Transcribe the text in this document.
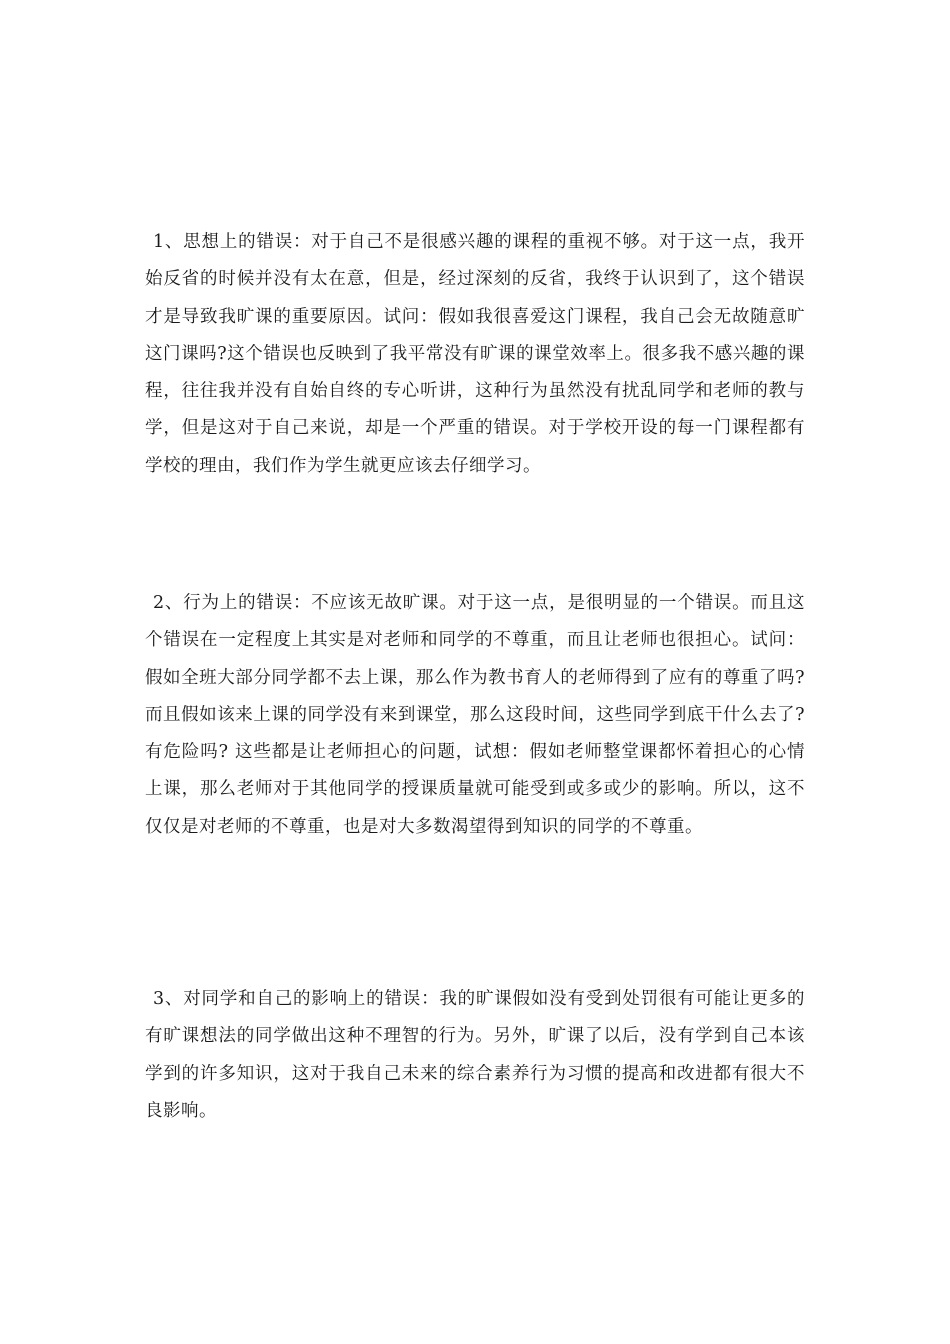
1、思想上的错误：对于自己不是很感兴趣的课程的重视不够。对于这一点，我开始反省的时候并没有太在意，但是，经过深刻的反省，我终于认识到了，这个错误才是导致我旷课的重要原因。试问：假如我很喜爱这门课程，我自己会无故随意旷这门课吗?这个错误也反映到了我平常没有旷课的课堂效率上。很多我不感兴趣的课程，往往我并没有自始自终的专心听讲，这种行为虽然没有扰乱同学和老师的教与学，但是这对于自己来说，却是一个严重的错误。对于学校开设的每一门课程都有学校的理由，我们作为学生就更应该去仔细学习。

2、行为上的错误：不应该无故旷课。对于这一点，是很明显的一个错误。而且这个错误在一定程度上其实是对老师和同学的不尊重，而且让老师也很担心。试问：假如全班大部分同学都不去上课，那么作为教书育人的老师得到了应有的尊重了吗?而且假如该来上课的同学没有来到课堂，那么这段时间，这些同学到底干什么去了?有危险吗? 这些都是让老师担心的问题，试想：假如老师整堂课都怀着担心的心情上课，那么老师对于其他同学的授课质量就可能受到或多或少的影响。所以，这不仅仅是对老师的不尊重，也是对大多数渴望得到知识的同学的不尊重。

3、对同学和自己的影响上的错误：我的旷课假如没有受到处罚很有可能让更多的有旷课想法的同学做出这种不理智的行为。另外，旷课了以后，没有学到自己本该学到的许多知识，这对于我自己未来的综合素养行为习惯的提高和改进都有很大不良影响。
